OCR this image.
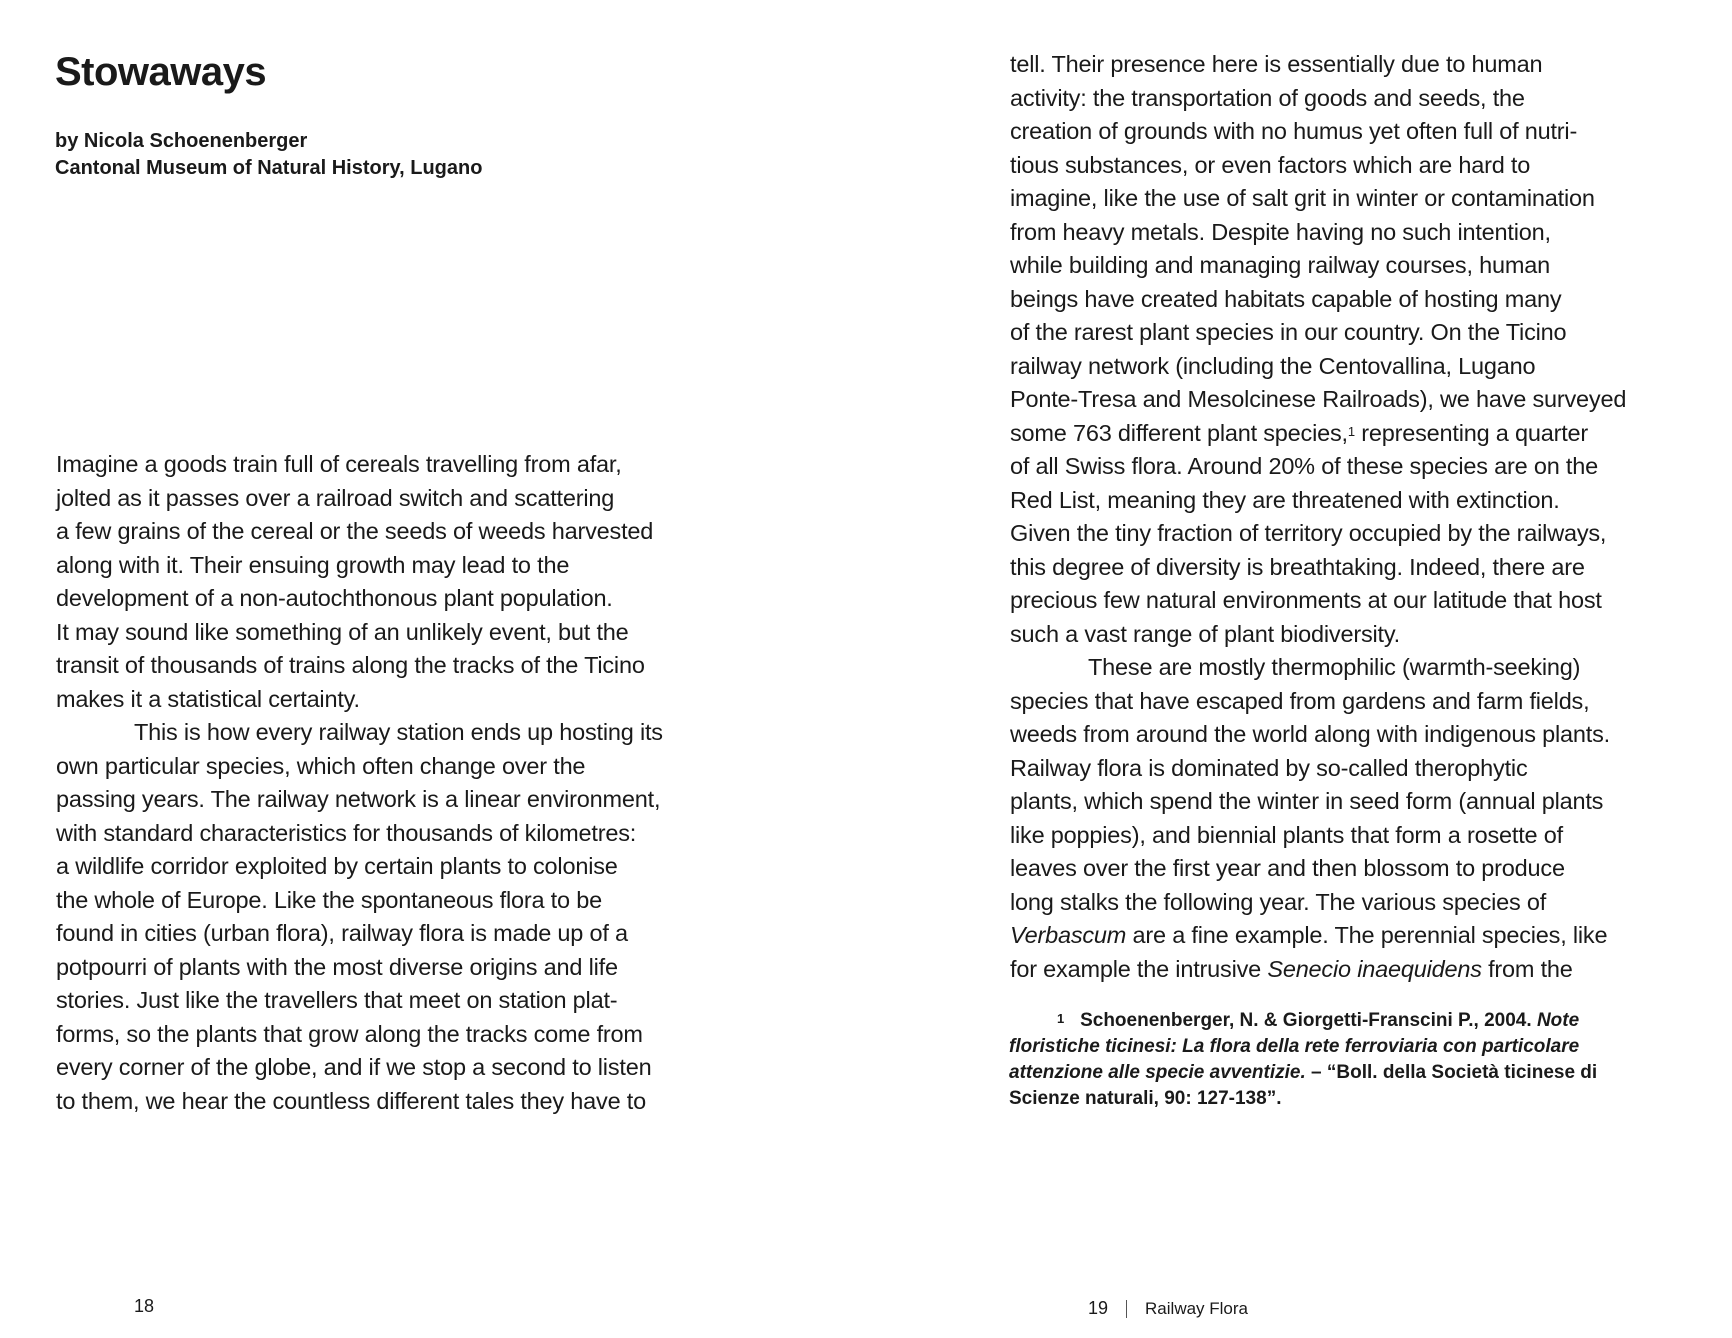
Stowaways
by Nicola Schoenenberger
Cantonal Museum of Natural History, Lugano
Imagine a goods train full of cereals travelling from afar,
jolted as it passes over a railroad switch and scattering
a few grains of the cereal or the seeds of weeds harvested
along with it. Their ensuing growth may lead to the
development of a non-autochthonous plant population.
It may sound like something of an unlikely event, but the
transit of thousands of trains along the tracks of the Ticino
makes it a statistical certainty.
This is how every railway station ends up hosting its
own particular species, which often change over the
passing years. The railway network is a linear environment,
with standard characteristics for thousands of kilometres:
a wildlife corridor exploited by certain plants to colonise
the whole of Europe. Like the spontaneous flora to be
found in cities (urban flora), railway flora is made up of a
potpourri of plants with the most diverse origins and life
stories. Just like the travellers that meet on station plat-
forms, so the plants that grow along the tracks come from
every corner of the globe, and if we stop a second to listen
to them, we hear the countless different tales they have to
18
tell. Their presence here is essentially due to human
activity: the transportation of goods and seeds, the
creation of grounds with no humus yet often full of nutri-
tious substances, or even factors which are hard to
imagine, like the use of salt grit in winter or contamination
from heavy metals. Despite having no such intention,
while building and managing railway courses, human
beings have created habitats capable of hosting many
of the rarest plant species in our country. On the Ticino
railway network (including the Centovallina, Lugano
Ponte-Tresa and Mesolcinese Railroads), we have surveyed
some 763 different plant species,$^1$ representing a quarter
of all Swiss flora. Around 20% of these species are on the
Red List, meaning they are threatened with extinction.
Given the tiny fraction of territory occupied by the railways,
this degree of diversity is breathtaking. Indeed, there are
precious few natural environments at our latitude that host
such a vast range of plant biodiversity.
These are mostly thermophilic (warmth-seeking)
species that have escaped from gardens and farm fields,
weeds from around the world along with indigenous plants.
Railway flora is dominated by so-called therophytic
plants, which spend the winter in seed form (annual plants
like poppies), and biennial plants that form a rosette of
leaves over the first year and then blossom to produce
long stalks the following year. The various species of
Verbascum are a fine example. The perennial species, like
for example the intrusive Senecio inaequidens from the
$^1$ Schoenenberger, N. & Giorgetti-Franscini P., 2004. Note
floristiche ticinesi: La flora della rete ferroviaria con particolare
attenzione alle specie avventizie. – “Boll. della Società ticinese di
Scienze naturali, 90: 127-138”.
19 Railway Flora
